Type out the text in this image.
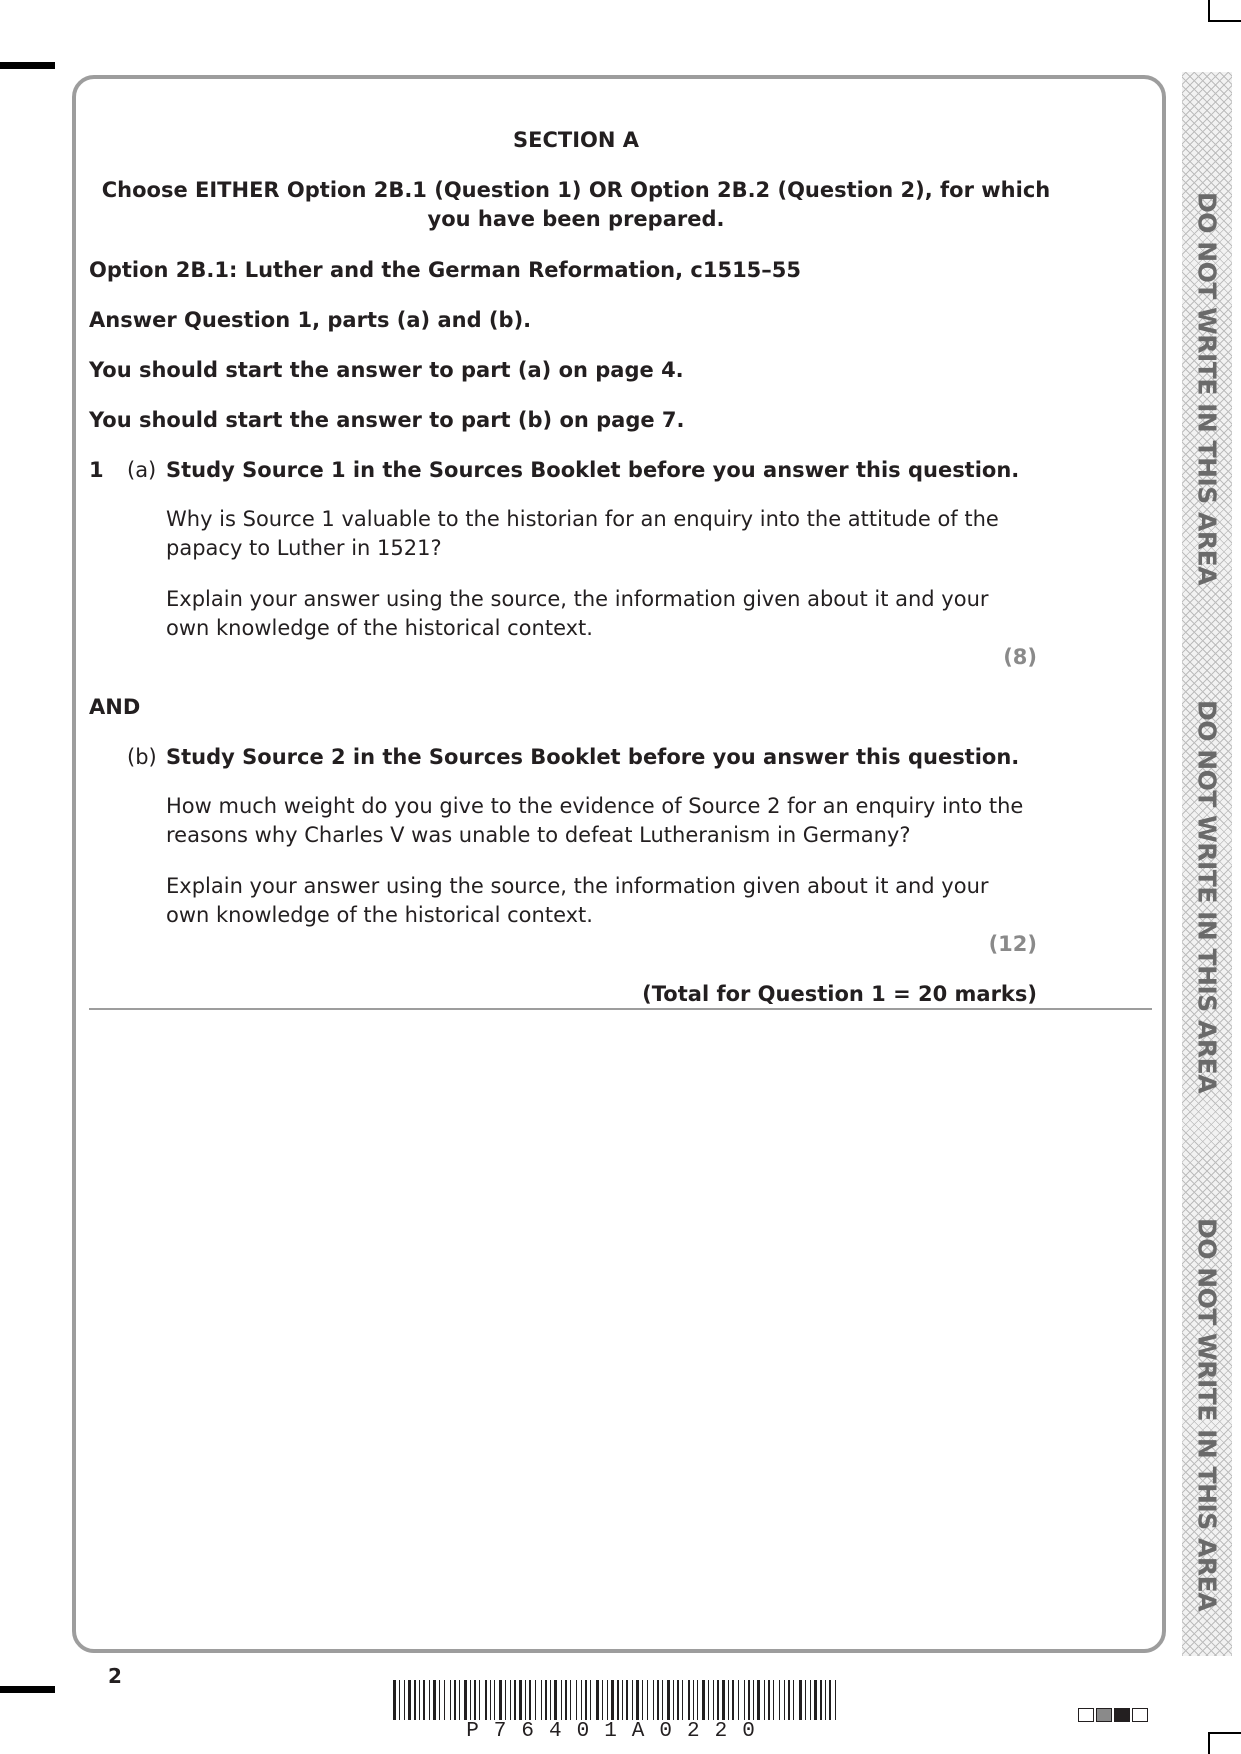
SECTION A
Choose EITHER Option 2B.1 (Question 1) OR Option 2B.2 (Question 2), for which
you have been prepared.
Option 2B.1: Luther and the German Reformation, c1515–55
Answer Question 1, parts (a) and (b).
You should start the answer to part (a) on page 4.
You should start the answer to part (b) on page 7.
1 (a) Study Source 1 in the Sources Booklet before you answer this question.
Why is Source 1 valuable to the historian for an enquiry into the attitude of the
papacy to Luther in 1521?
Explain your answer using the source, the information given about it and your
own knowledge of the historical context.
(8)
AND
(b) Study Source 2 in the Sources Booklet before you answer this question.
How much weight do you give to the evidence of Source 2 for an enquiry into the
reasons why Charles V was unable to defeat Lutheranism in Germany?
Explain your answer using the source, the information given about it and your
own knowledge of the historical context.
(12)
(Total for Question 1 = 20 marks)
DO NOT WRITE IN THIS AREA
DO NOT WRITE IN THIS AREA
DO NOT WRITE IN THIS AREA
2
P76401A0220
